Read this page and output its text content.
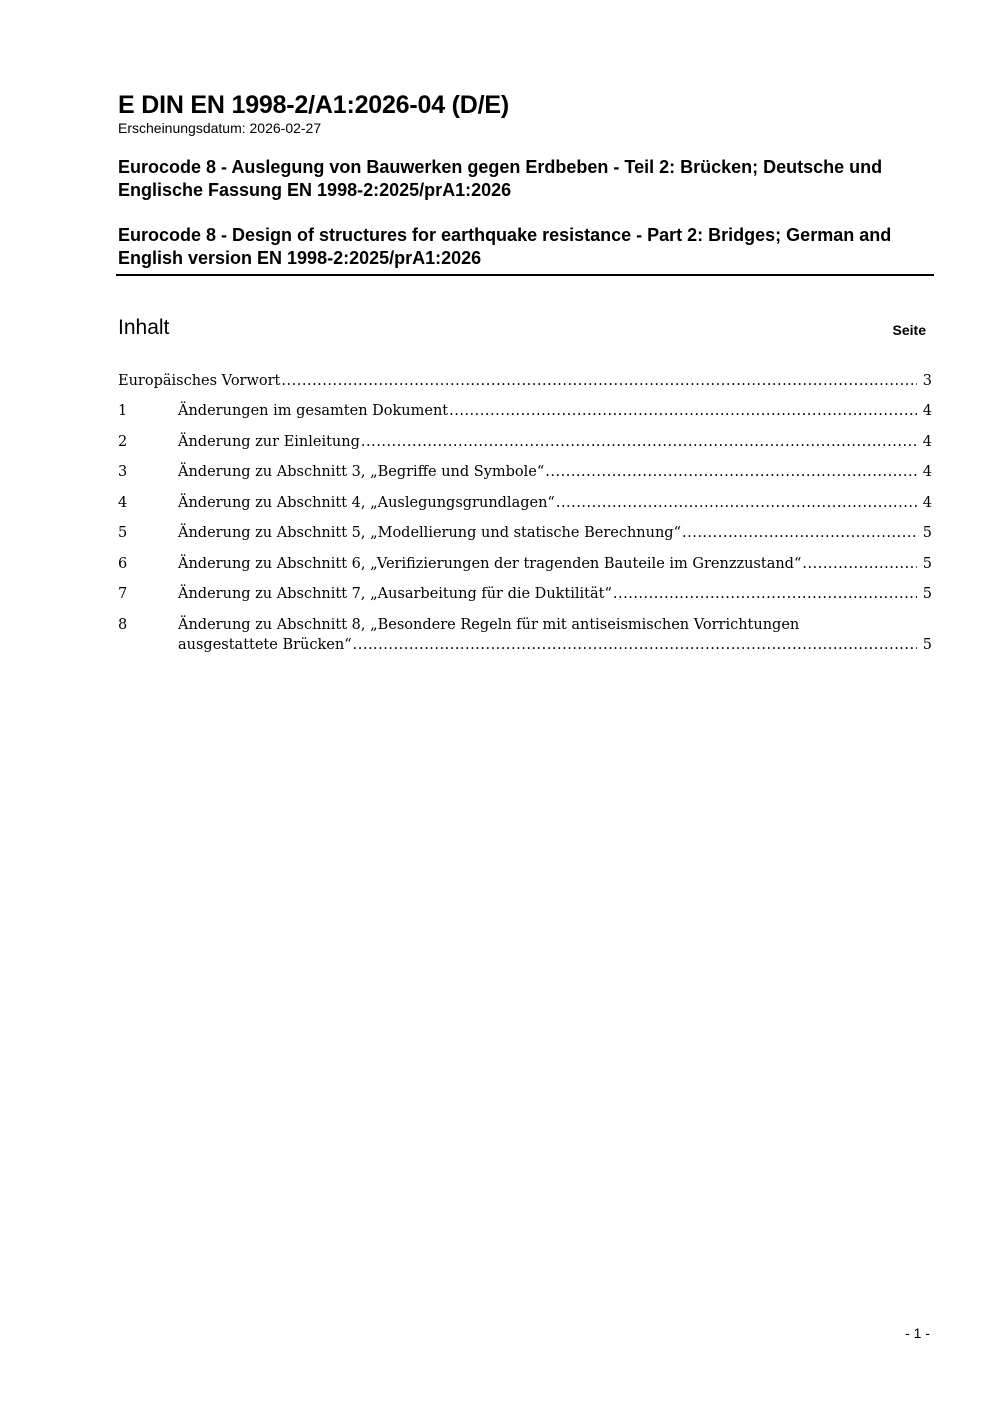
E DIN EN 1998-2/A1:2026-04 (D/E)
Erscheinungsdatum: 2026-02-27
Eurocode 8 - Auslegung von Bauwerken gegen Erdbeben - Teil 2: Brücken; Deutsche und Englische Fassung EN 1998-2:2025/prA1:2026
Eurocode 8 - Design of structures for earthquake resistance - Part 2: Bridges; German and English version EN 1998-2:2025/prA1:2026
Inhalt	Seite
Europäisches Vorwort .....	3
1	Änderungen im gesamten Dokument .....	4
2	Änderung zur Einleitung .....	4
3	Änderung zu Abschnitt 3, „Begriffe und Symbole“ .....	4
4	Änderung zu Abschnitt 4, „Auslegungsgrundlagen“ .....	4
5	Änderung zu Abschnitt 5, „Modellierung und statische Berechnung“ .....	5
6	Änderung zu Abschnitt 6, „Verifizierungen der tragenden Bauteile im Grenzzustand“ .....	5
7	Änderung zu Abschnitt 7, „Ausarbeitung für die Duktilität“ .....	5
8	Änderung zu Abschnitt 8, „Besondere Regeln für mit antiseismischen Vorrichtungen
ausgestattete Brücken“ .....	5
- 1 -
